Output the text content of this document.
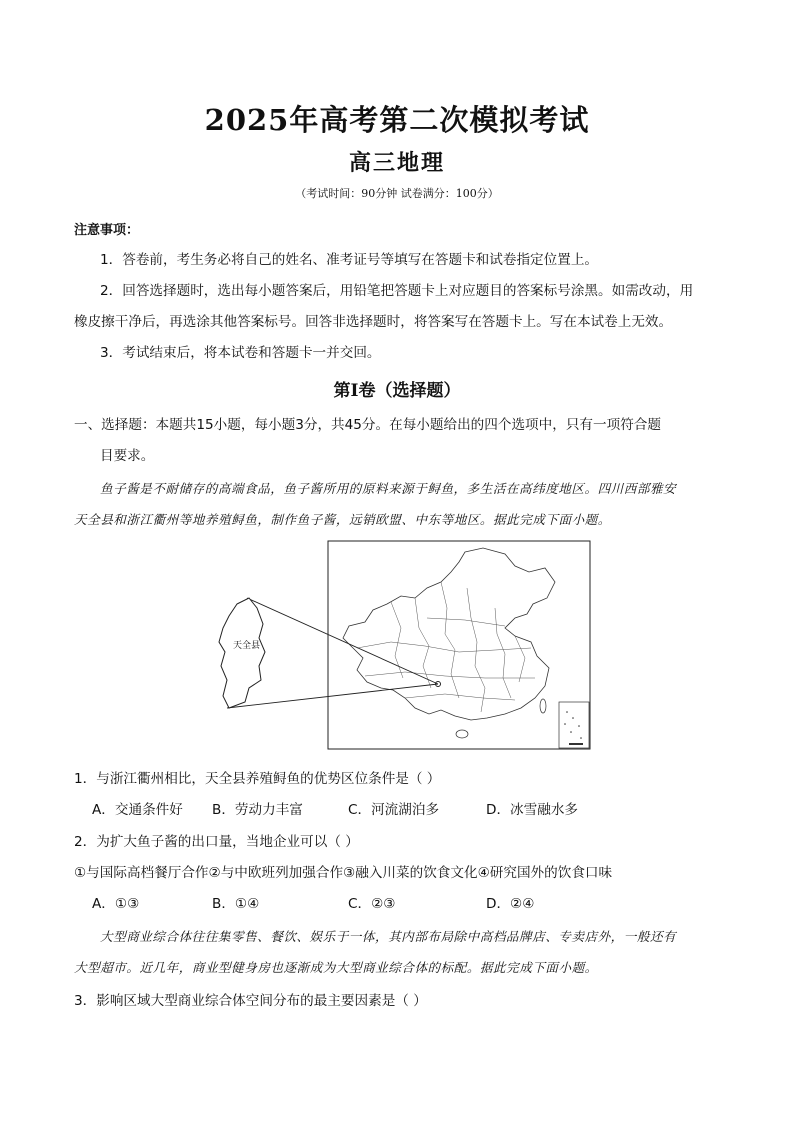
2025年高考第二次模拟考试
高三地理
（考试时间：90分钟 试卷满分：100分）
注意事项：
1．答卷前，考生务必将自己的姓名、准考证号等填写在答题卡和试卷指定位置上。
2．回答选择题时，选出每小题答案后，用铅笔把答题卡上对应题目的答案标号涂黑。如需改动，用
橡皮擦干净后，再选涂其他答案标号。回答非选择题时，将答案写在答题卡上。写在本试卷上无效。
3．考试结束后，将本试卷和答题卡一并交回。
第Ⅰ卷（选择题）
一、选择题：本题共15小题，每小题3分，共45分。在每小题给出的四个选项中，只有一项符合题
目要求。
鱼子酱是不耐储存的高端食品，鱼子酱所用的原料来源于鲟鱼，多生活在高纬度地区。四川西部雅安
天全县和浙江衢州等地养殖鲟鱼，制作鱼子酱，远销欧盟、中东等地区。据此完成下面小题。
天全县
1．与浙江衢州相比，天全县养殖鲟鱼的优势区位条件是（ ）
A．交通条件好 B．劳动力丰富	C．河流湖泊多	D．冰雪融水多
2．为扩大鱼子酱的出口量，当地企业可以（ ）
①与国际高档餐厅合作②与中欧班列加强合作③融入川菜的饮食文化④研究国外的饮食口味
A．①③	B．①④	C．②③	D．②④
大型商业综合体往往集零售、餐饮、娱乐于一体，其内部布局除中高档品牌店、专卖店外，一般还有
大型超市。近几年，商业型健身房也逐渐成为大型商业综合体的标配。据此完成下面小题。
3．影响区域大型商业综合体空间分布的最主要因素是（ ）
